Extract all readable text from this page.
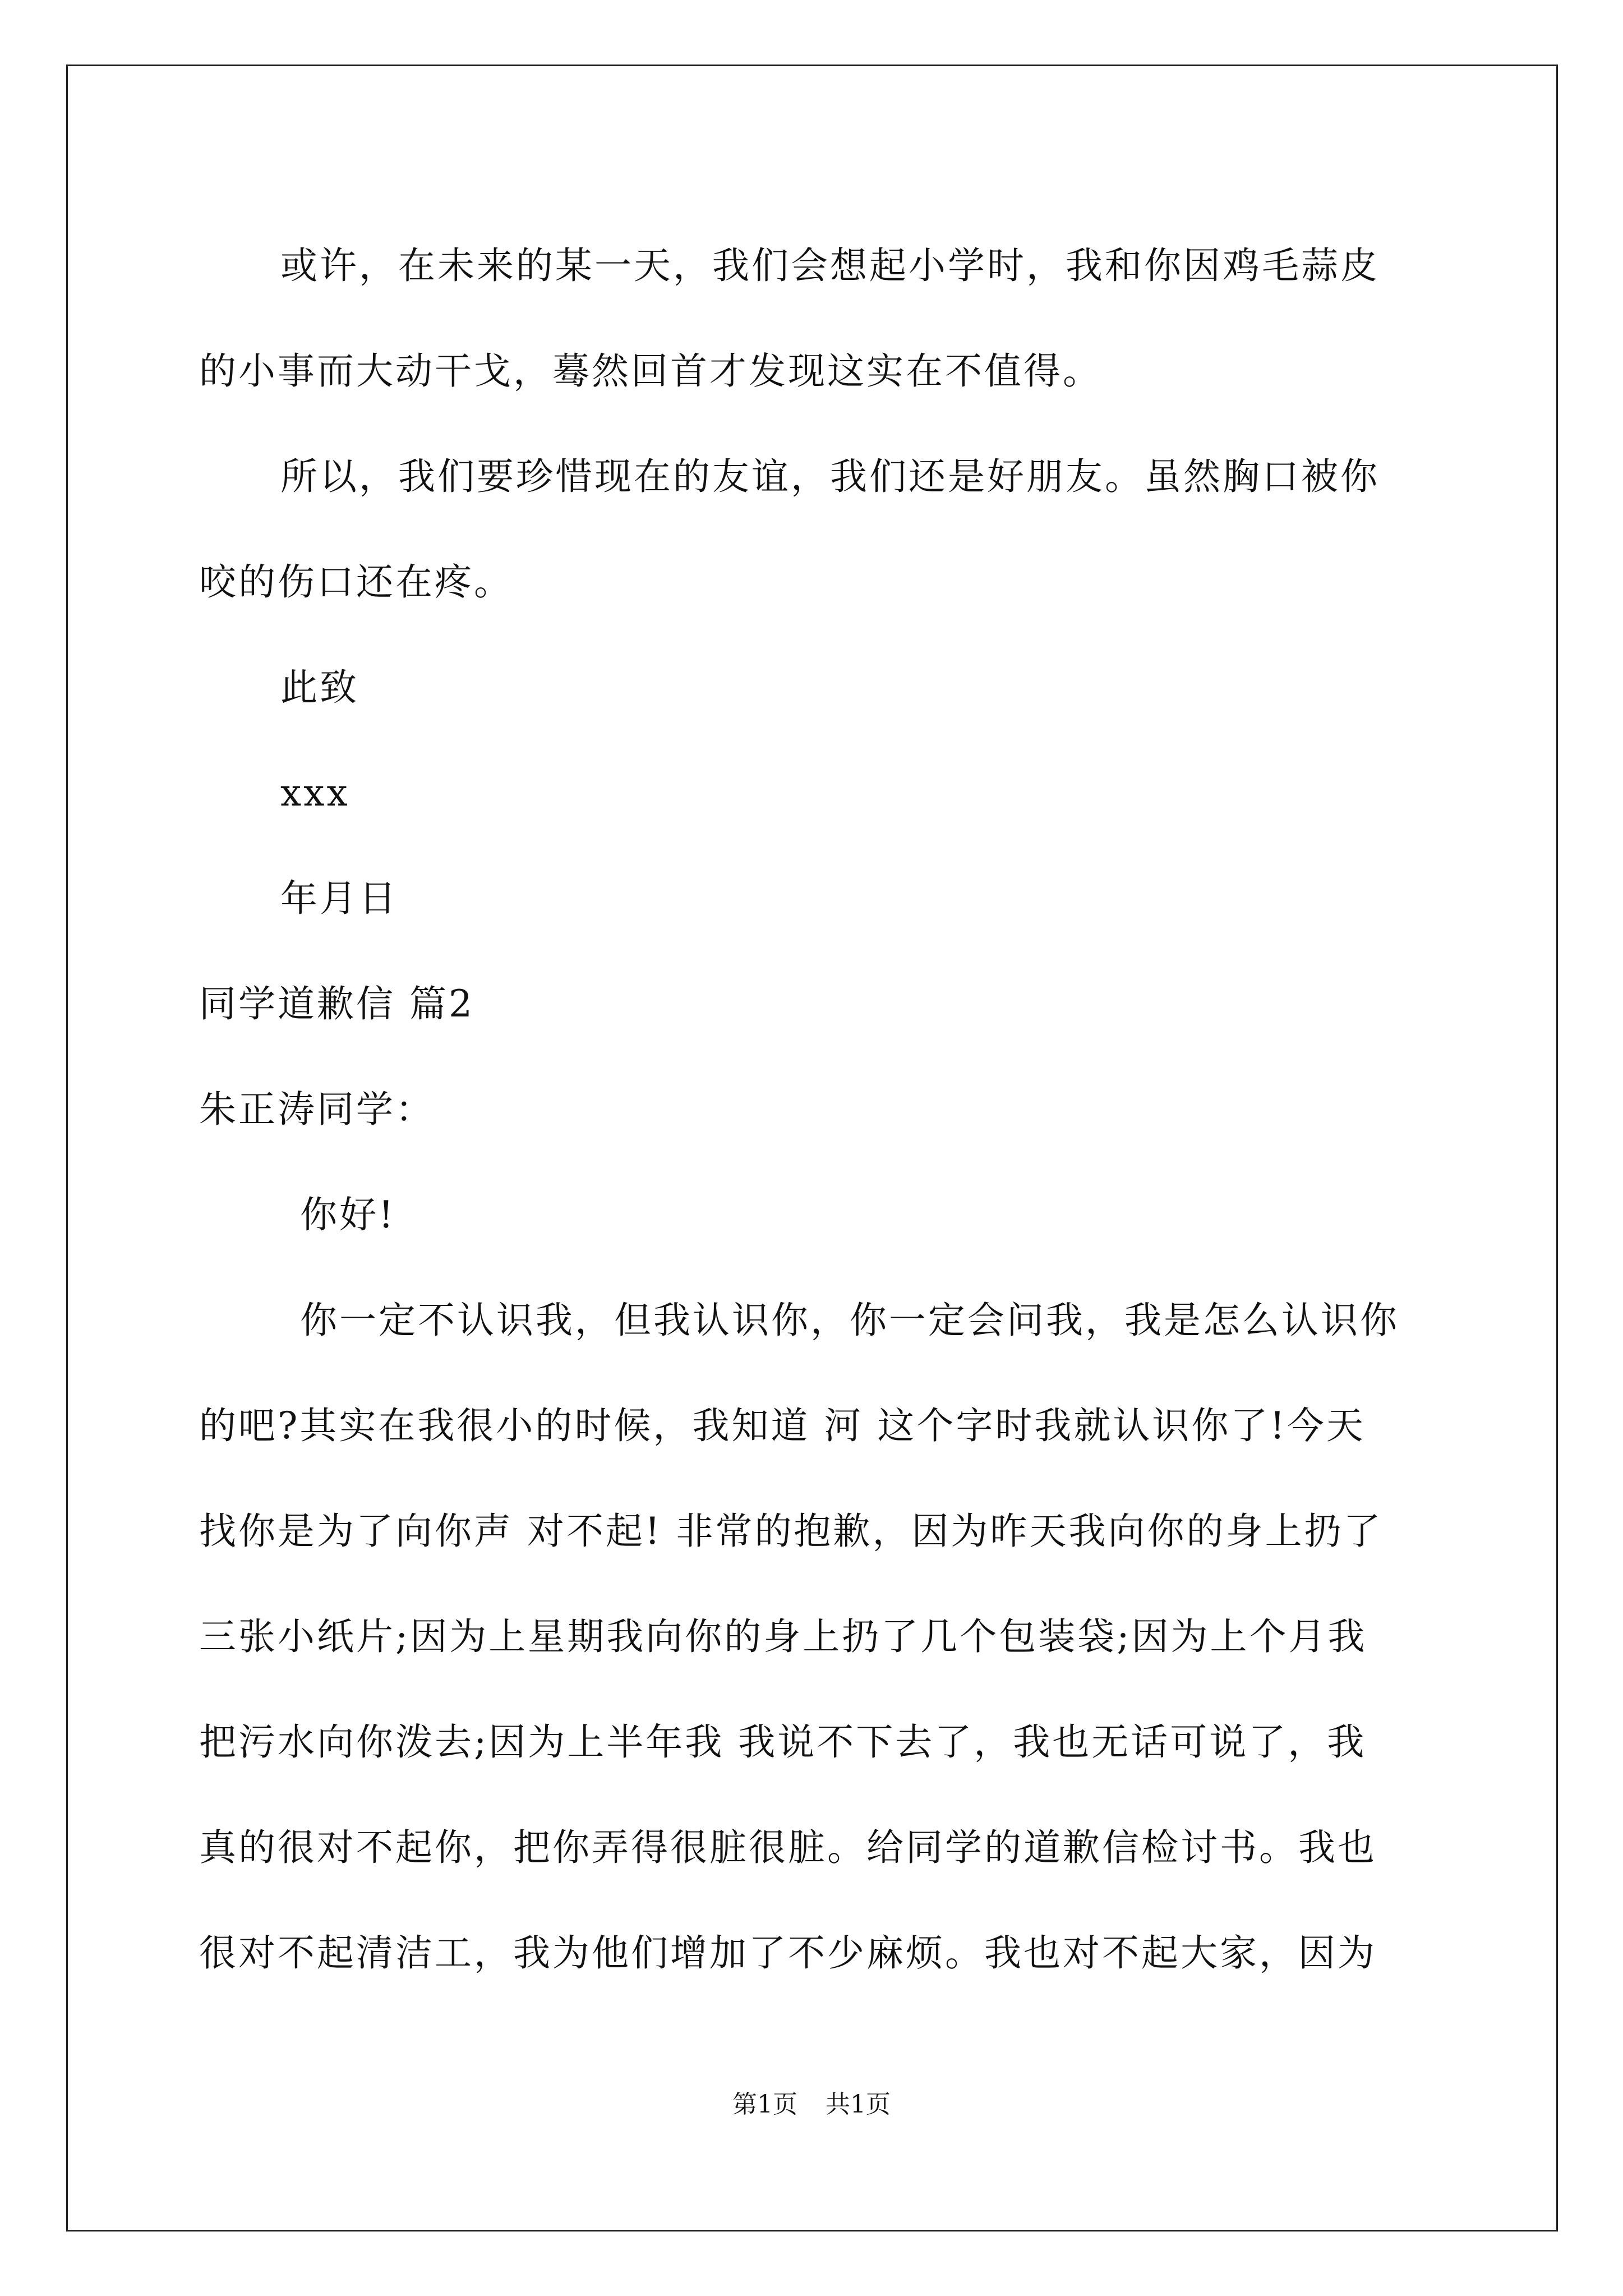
或许，在未来的某一天，我们会想起小学时，我和你因鸡毛蒜皮

的小事而大动干戈，蓦然回首才发现这实在不值得。

所以，我们要珍惜现在的友谊，我们还是好朋友。虽然胸口被你

咬的伤口还在疼。

此致

xxx

年月日

同学道歉信 篇2

朱正涛同学：

你好!

你一定不认识我，但我认识你，你一定会问我，我是怎么认识你

的吧?其实在我很小的时候，我知道 河 这个字时我就认识你了!今天

找你是为了向你声 对不起! 非常的抱歉，因为昨天我向你的身上扔了

三张小纸片;因为上星期我向你的身上扔了几个包装袋;因为上个月我

把污水向你泼去;因为上半年我 我说不下去了，我也无话可说了，我

真的很对不起你，把你弄得很脏很脏。给同学的道歉信检讨书。我也

很对不起清洁工，我为他们增加了不少麻烦。我也对不起大家，因为

第1页 共1页
